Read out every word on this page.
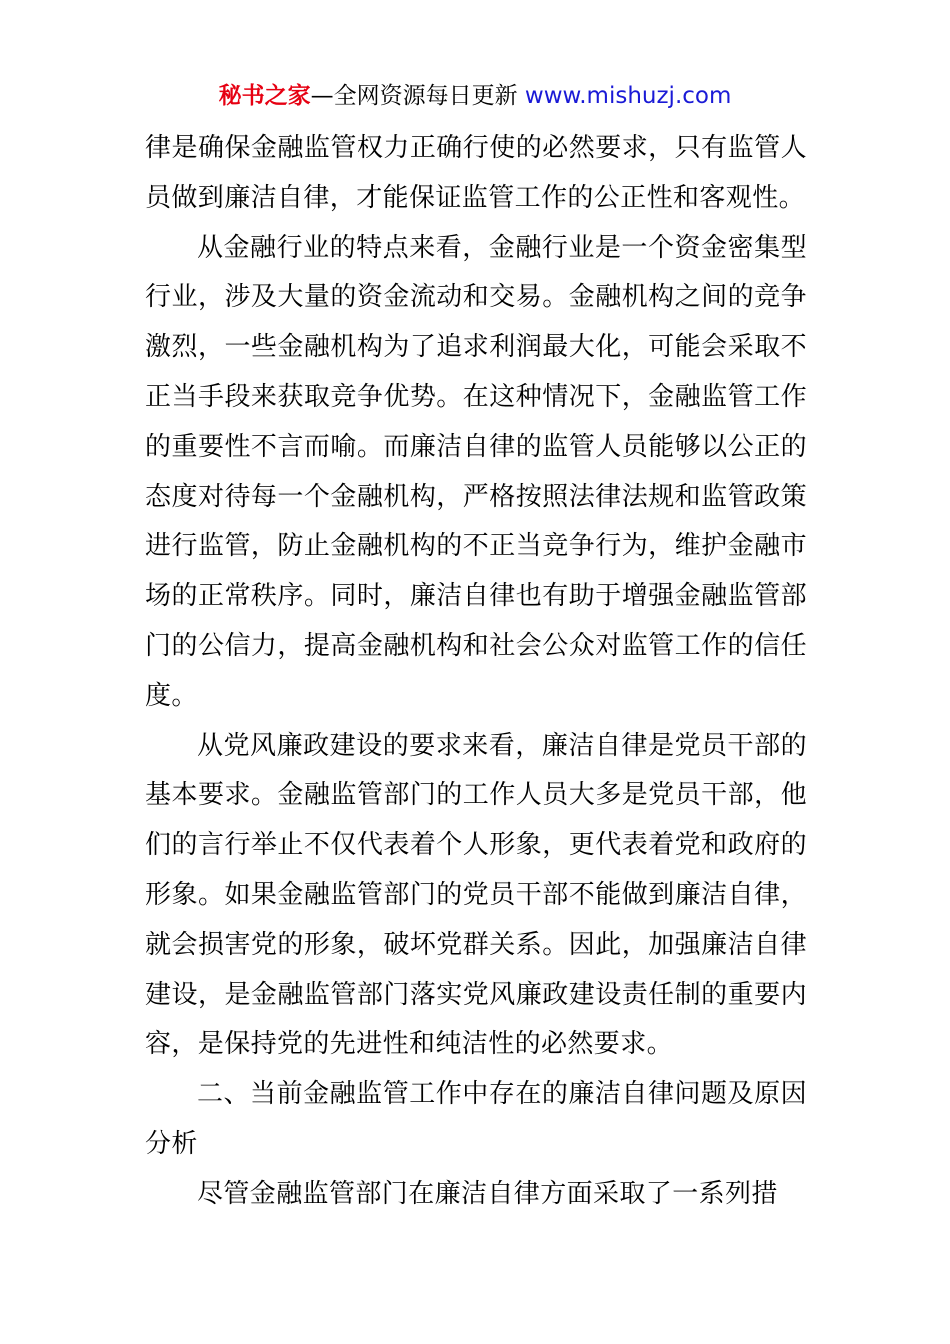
秘书之家—全网资源每日更新 www.mishuzj.com

律是确保金融监管权力正确行使的必然要求，只有监管人员做到廉洁自律，才能保证监管工作的公正性和客观性。

从金融行业的特点来看，金融行业是一个资金密集型行业，涉及大量的资金流动和交易。金融机构之间的竞争激烈，一些金融机构为了追求利润最大化，可能会采取不正当手段来获取竞争优势。在这种情况下，金融监管工作的重要性不言而喻。而廉洁自律的监管人员能够以公正的态度对待每一个金融机构，严格按照法律法规和监管政策进行监管，防止金融机构的不正当竞争行为，维护金融市场的正常秩序。同时，廉洁自律也有助于增强金融监管部门的公信力，提高金融机构和社会公众对监管工作的信任度。

从党风廉政建设的要求来看，廉洁自律是党员干部的基本要求。金融监管部门的工作人员大多是党员干部，他们的言行举止不仅代表着个人形象，更代表着党和政府的形象。如果金融监管部门的党员干部不能做到廉洁自律，就会损害党的形象，破坏党群关系。因此，加强廉洁自律建设，是金融监管部门落实党风廉政建设责任制的重要内容，是保持党的先进性和纯洁性的必然要求。

二、当前金融监管工作中存在的廉洁自律问题及原因分析

尽管金融监管部门在廉洁自律方面采取了一系列措
